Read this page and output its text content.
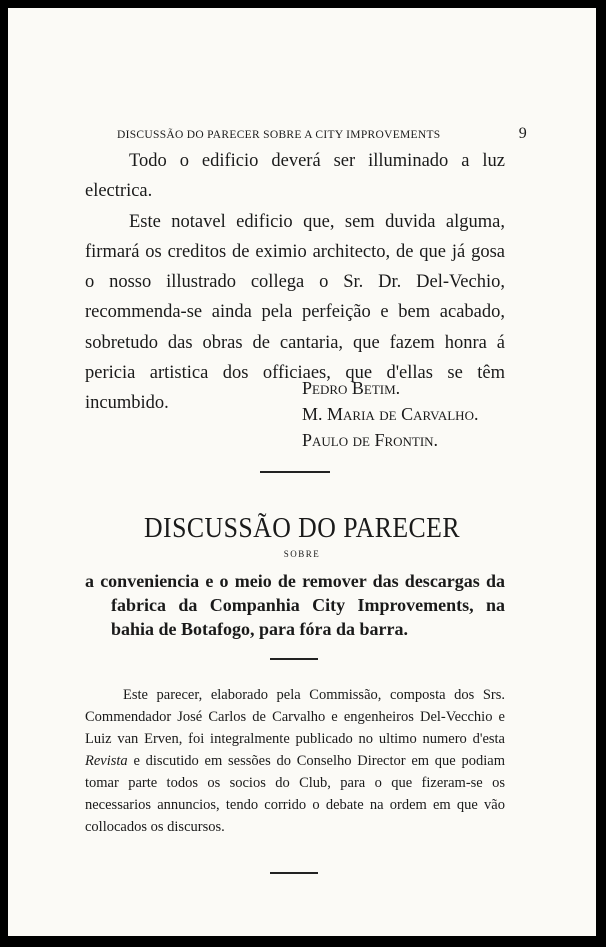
DISCUSSÃO DO PARECER SOBRE A CITY IMPROVEMENTS	9

Todo o edificio deverá ser illuminado a luz electrica.

Este notavel edificio que, sem duvida alguma, firmará os creditos de eximio architecto, de que já gosa o nosso illustrado collega o Sr. Dr. Del-Vechio, recommenda-se ainda pela perfeição e bem acabado, sobretudo das obras de cantaria, que fazem honra á pericia artistica dos officiaes, que d'ellas se têm incumbido.

Pedro Betim.
M. Maria de Carvalho.
Paulo de Frontin.
DISCUSSÃO DO PARECER
SOBRE
a conveniencia e o meio de remover das descargas da fabrica da Companhia City Improvements, na bahia de Botafogo, para fóra da barra.

Este parecer, elaborado pela Commissão, composta dos Srs. Commendador José Carlos de Carvalho e engenheiros Del-Vecchio e Luiz van Erven, foi integralmente publicado no ultimo numero d'esta Revista e discutido em sessões do Conselho Director em que podiam tomar parte todos os socios do Club, para o que fizeram-se os necessarios annuncios, tendo corrido o debate na ordem em que vão collocados os discursos.
